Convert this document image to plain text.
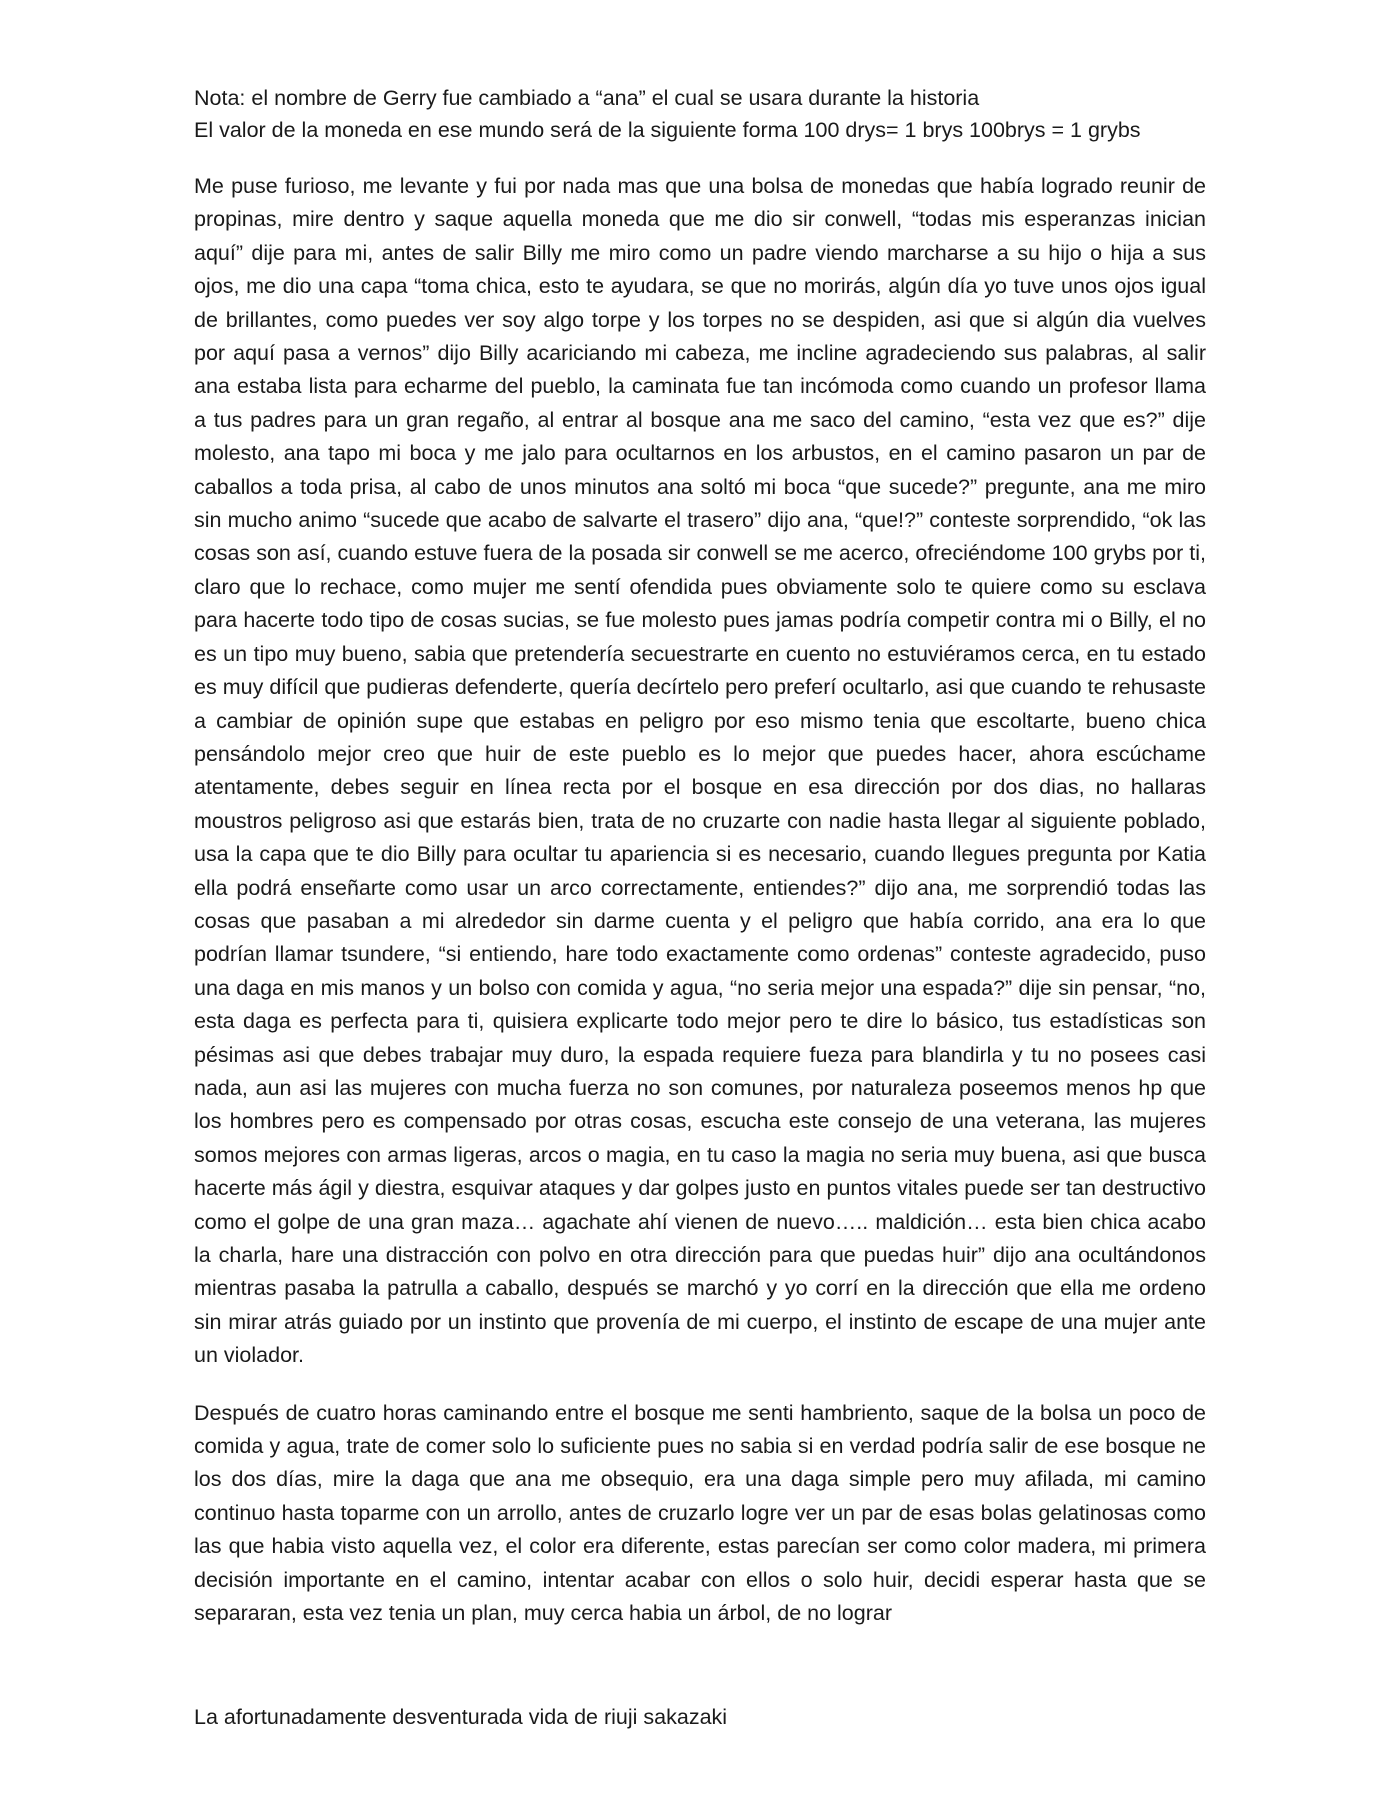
Nota: el nombre de Gerry fue cambiado a “ana” el cual se usara durante la historia

El valor de la moneda en ese mundo será de la siguiente forma 100 drys= 1 brys 100brys = 1 grybs

Me puse furioso, me levante y fui por nada mas que una bolsa de monedas que había logrado reunir de propinas, mire dentro y saque aquella moneda que me dio sir conwell, “todas mis esperanzas inician aquí” dije para mi, antes de salir Billy me miro como un padre viendo marcharse a su hijo o hija a sus ojos, me dio una capa “toma chica, esto te ayudara, se que no morirás, algún día yo tuve unos ojos igual de brillantes, como puedes ver soy algo torpe y los torpes no se despiden, asi que si algún dia vuelves por aquí pasa a vernos” dijo Billy acariciando mi cabeza, me incline agradeciendo sus palabras, al salir ana estaba lista para echarme del pueblo, la caminata fue tan incómoda como cuando un profesor llama a tus padres para un gran regaño, al entrar al bosque ana me saco del camino, “esta vez que es?” dije molesto, ana tapo mi boca y me jalo para ocultarnos en los arbustos, en el camino pasaron un par de caballos a toda prisa, al cabo de unos minutos ana soltó mi boca “que sucede?” pregunte, ana me miro sin mucho animo “sucede que acabo de salvarte el trasero” dijo ana, “que!?” conteste sorprendido, “ok las cosas son así, cuando estuve fuera de la posada sir conwell se me acerco, ofreciéndome 100 grybs por ti, claro que lo rechace, como mujer me sentí ofendida pues obviamente solo te quiere como su esclava para hacerte todo tipo de cosas sucias, se fue molesto pues jamas podría competir contra mi o Billy, el no es un tipo muy bueno, sabia que pretendería secuestrarte en cuento no estuviéramos cerca, en tu estado es muy difícil que pudieras defenderte, quería decírtelo pero preferí ocultarlo, asi que cuando te rehusaste a cambiar de opinión supe que estabas en peligro por eso mismo tenia que escoltarte, bueno chica pensándolo mejor creo que huir de este pueblo es lo mejor que puedes hacer, ahora escúchame atentamente, debes seguir en línea recta por el bosque en esa dirección por dos dias, no hallaras moustros peligroso asi que estarás bien, trata de no cruzarte con nadie hasta llegar al siguiente poblado, usa la capa que te dio Billy para ocultar tu apariencia si es necesario, cuando llegues pregunta por Katia ella podrá enseñarte como usar un arco correctamente, entiendes?” dijo ana, me sorprendió todas las cosas que pasaban a mi alrededor sin darme cuenta y el peligro que había corrido, ana era lo que podrían llamar tsundere, “si entiendo, hare todo exactamente como ordenas” conteste agradecido, puso una daga en mis manos y un bolso con comida y agua, “no seria mejor una espada?” dije sin pensar, “no, esta daga es perfecta para ti, quisiera explicarte todo mejor pero te dire lo básico, tus estadísticas son pésimas asi que debes trabajar muy duro, la espada requiere fueza para blandirla y tu no posees casi nada, aun asi las mujeres con mucha fuerza no son comunes, por naturaleza poseemos menos hp que los hombres pero es compensado por otras cosas, escucha este consejo de una veterana, las mujeres somos mejores con armas ligeras, arcos o magia, en tu caso la magia no seria muy buena, asi que busca hacerte más ágil y diestra, esquivar ataques y dar golpes justo en puntos vitales puede ser tan destructivo como el golpe de una gran maza… agachate ahí vienen de nuevo….. maldición… esta bien chica acabo la charla, hare una distracción con polvo en otra dirección para que puedas huir” dijo ana ocultándonos mientras pasaba la patrulla a caballo, después se marchó y yo corrí en la dirección que ella me ordeno sin mirar atrás guiado por un instinto que provenía de mi cuerpo, el instinto de escape de una mujer ante un violador.

Después de cuatro horas caminando entre el bosque me senti hambriento, saque de la bolsa un poco de comida y agua, trate de comer solo lo suficiente pues no sabia si en verdad podría salir de ese bosque ne los dos días, mire la daga que ana me obsequio, era una daga simple pero muy afilada, mi camino continuo hasta toparme con un arrollo, antes de cruzarlo logre ver un par de esas bolas gelatinosas como las que habia visto aquella vez, el color era diferente, estas parecían ser como color madera, mi primera decisión importante en el camino, intentar acabar con ellos o solo huir, decidi esperar hasta que se separaran, esta vez tenia un plan, muy cerca habia un árbol, de no lograr

La afortunadamente desventurada vida de riuji sakazaki
